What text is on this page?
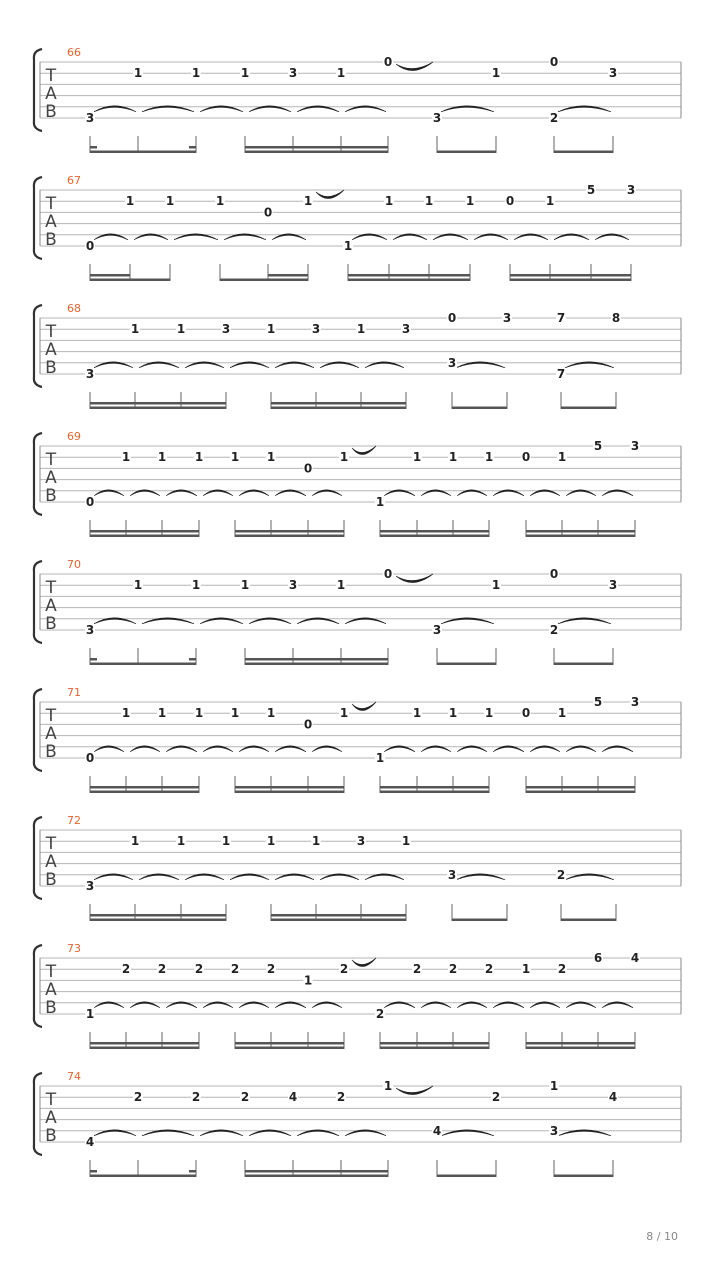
66
T
A
B 3
1	1	1	3	1
0
1
0
3
3	2
67
T
A
B 0
1	1	1
0
1
1
1	1	1	0	1
5	3
68
T
A
B 3
1	1	3	1	3	1	3
0	3	7	8
3
7
69
T
A
B 0
1 1 1 1 1
0
1
1
1 1 1 0 1
5 3
70
T
A
B 3
1	1	1	3	1
0
1
0
3
3	2
71
T
A
B 0
1 1 1 1 1
0
1
1
1 1 1 0 1
5 3
72
T
A
B 3
1	1	1	1	1	3	1
3	2
73
T
A
B 1
2 2 2 2 2
1
2
2
2 2 2 1 2
6 4
74
T
A
B 4
2	2	2	4	2
1
2
1
4
4	3
8 / 10
